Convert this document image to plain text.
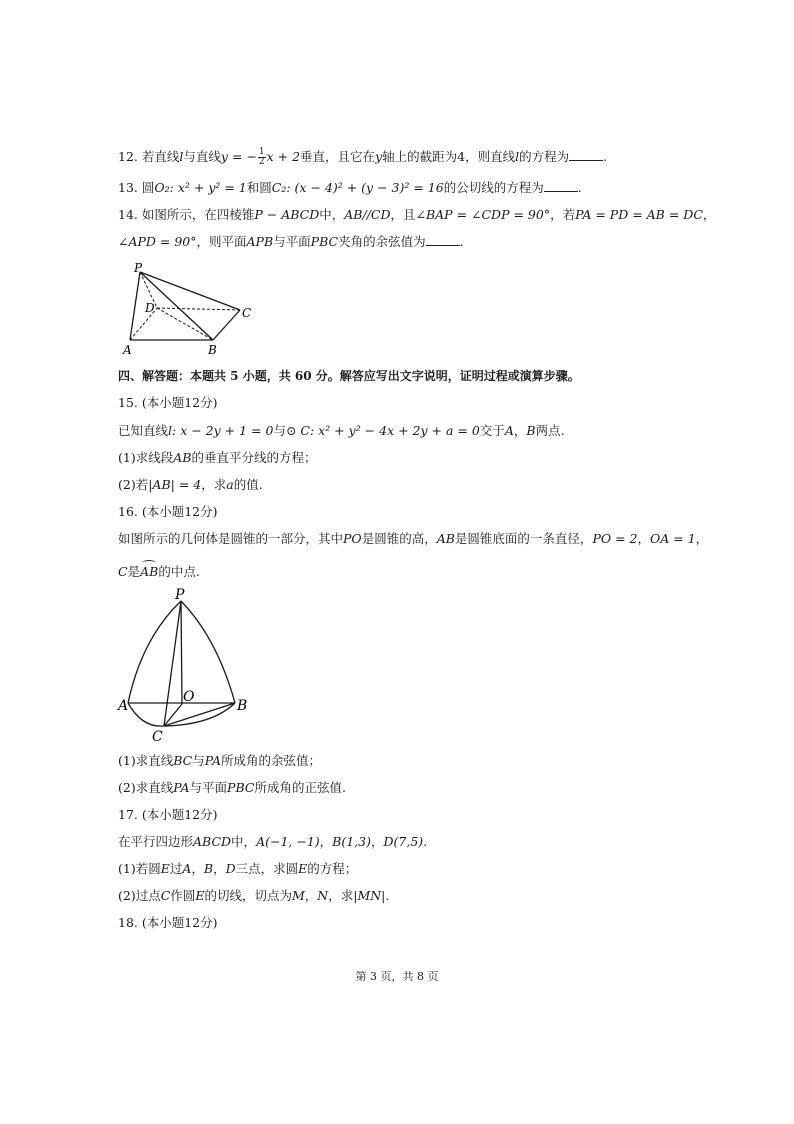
12. 若直线l与直线y = − $\frac{1}{2}$ x + 2垂直，且它在y轴上的截距为4，则直线l的方程为	.
13. 圆O₂: x² + y² = 1和圆C₂: (x − 4)² + (y − 3)² = 16的公切线的方程为	.
14. 如图所示，在四棱锥P − ABCD中，AB//CD，且∠BAP = ∠CDP = 90°，若PA = PD = AB = DC，
∠APD = 90°，则平面APB与平面PBC夹角的余弦值为	.
P
D	C
A	B
四、解答题：本题共 5 小题，共 60 分。解答应写出文字说明，证明过程或演算步骤。
15. (本小题12分)
已知直线l: x − 2y + 1 = 0与⊙ C: x² + y² − 4x + 2y + a = 0交于A，B两点.
(1)求线段AB的垂直平分线的方程；
(2)若|AB| = 4，求a的值.
16. (本小题12分)
如图所示的几何体是圆锥的一部分，其中PO是圆锥的高，AB是圆锥底面的一条直径，PO = 2，OA = 1，
C是AB的中点.
P
A
O
B
C
(1)求直线BC与PA所成角的余弦值；
(2)求直线PA与平面PBC所成角的正弦值.
17. (本小题12分)
在平行四边形ABCD中，A(−1, −1)，B(1,3)，D(7,5).
(1)若圆E过A，B，D三点，求圆E的方程；
(2)过点C作圆E的切线，切点为M，N，求|MN|.
18. (本小题12分)
第 3 页，共 8 页
